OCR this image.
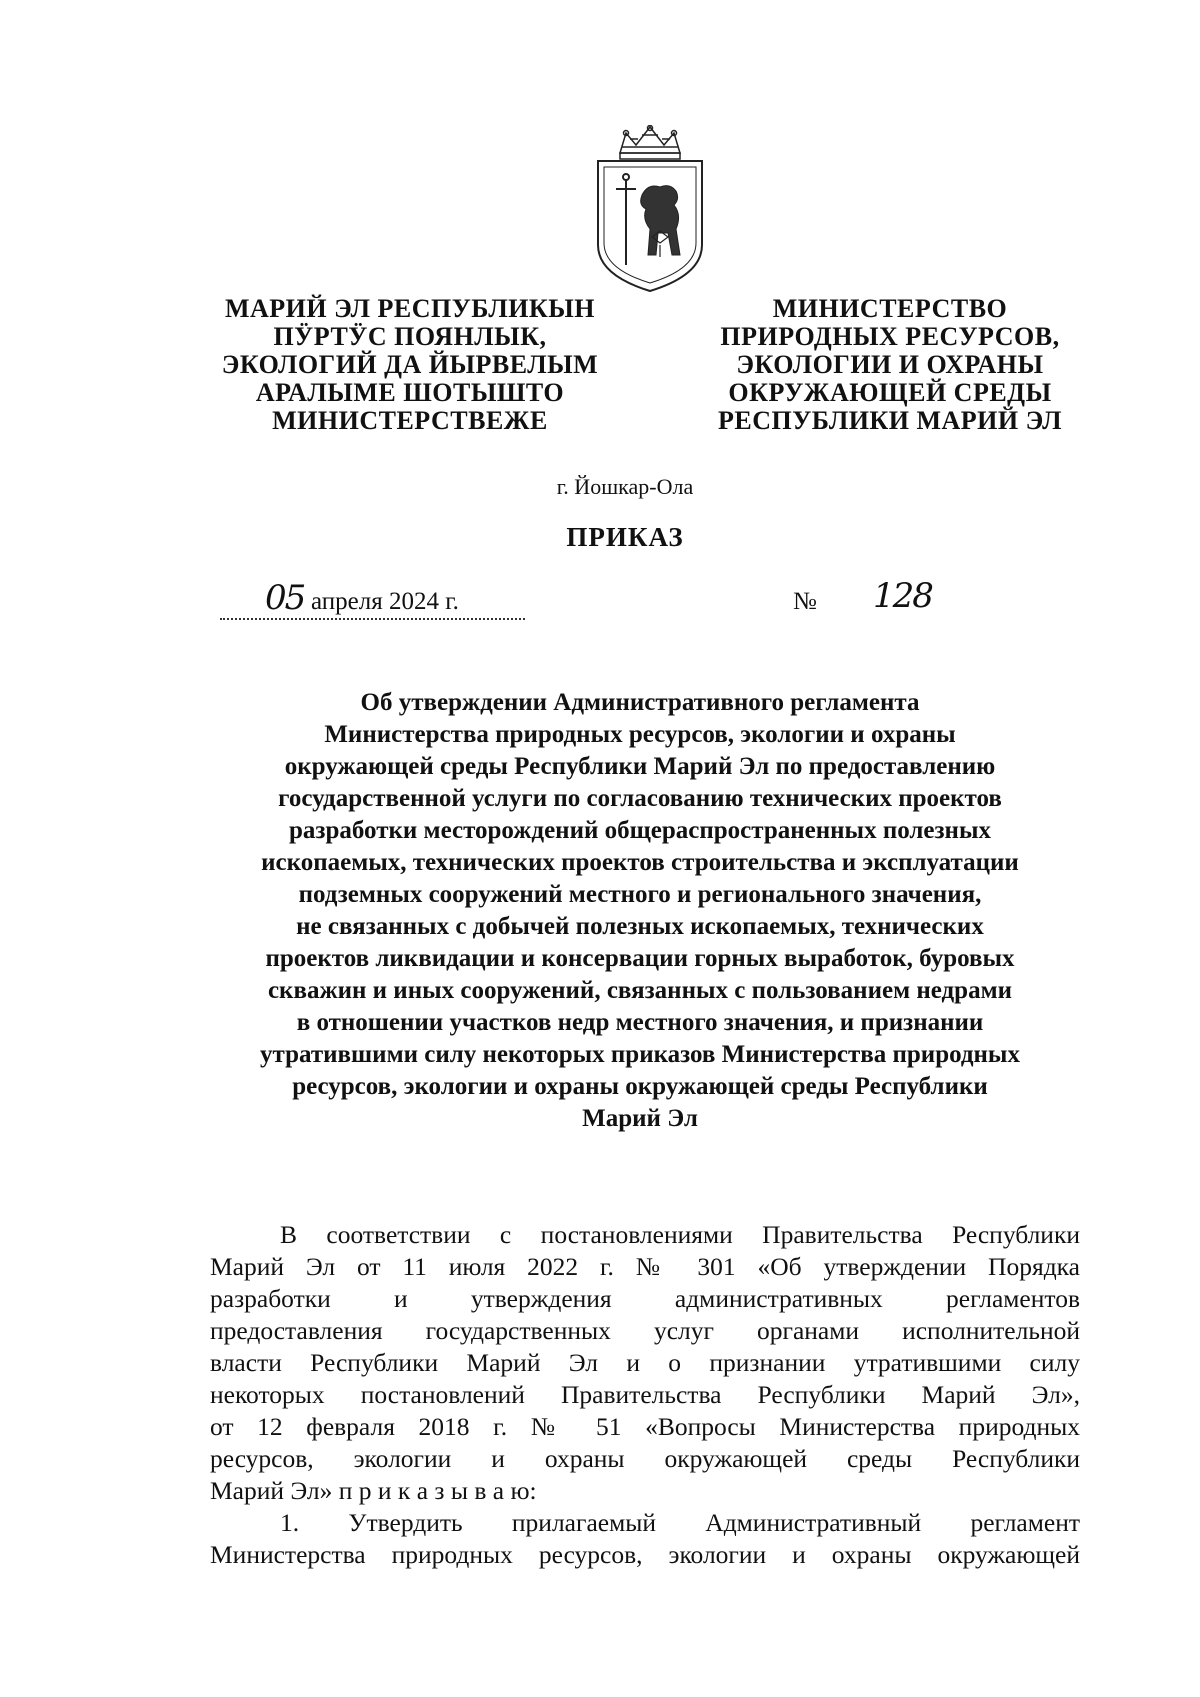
МАРИЙ ЭЛ РЕСПУБЛИКЫН
ПӰРТӰС ПОЯНЛЫК,
ЭКОЛОГИЙ ДА ЙЫРВЕЛЫМ
АРАЛЫМЕ ШОТЫШТО
МИНИСТЕРСТВЕЖЕ
МИНИСТЕРСТВО
ПРИРОДНЫХ РЕСУРСОВ,
ЭКОЛОГИИ И ОХРАНЫ
ОКРУЖАЮЩЕЙ СРЕДЫ
РЕСПУБЛИКИ МАРИЙ ЭЛ
г. Йошкар-Ола
ПРИКАЗ
05 апреля 2024 г.	№ 128
Об утверждении Административного регламента
Министерства природных ресурсов, экологии и охраны
окружающей среды Республики Марий Эл по предоставлению
государственной услуги по согласованию технических проектов
разработки месторождений общераспространенных полезных
ископаемых, технических проектов строительства и эксплуатации
подземных сооружений местного и регионального значения,
не связанных с добычей полезных ископаемых, технических
проектов ликвидации и консервации горных выработок, буровых
скважин и иных сооружений, связанных с пользованием недрами
в отношении участков недр местного значения, и признании
утратившими силу некоторых приказов Министерства природных
ресурсов, экологии и охраны окружающей среды Республики
Марий Эл
В соответствии с постановлениями Правительства Республики
Марий Эл от 11 июля 2022 г. № 301 «Об утверждении Порядка
разработки и утверждения административных регламентов
предоставления государственных услуг органами исполнительной
власти Республики Марий Эл и о признании утратившими силу
некоторых постановлений Правительства Республики Марий Эл»,
от 12 февраля 2018 г. № 51 «Вопросы Министерства природных
ресурсов, экологии и охраны окружающей среды Республики
Марий Эл» п р и к а з ы в а ю:
1. Утвердить прилагаемый Административный регламент
Министерства природных ресурсов, экологии и охраны окружающей
